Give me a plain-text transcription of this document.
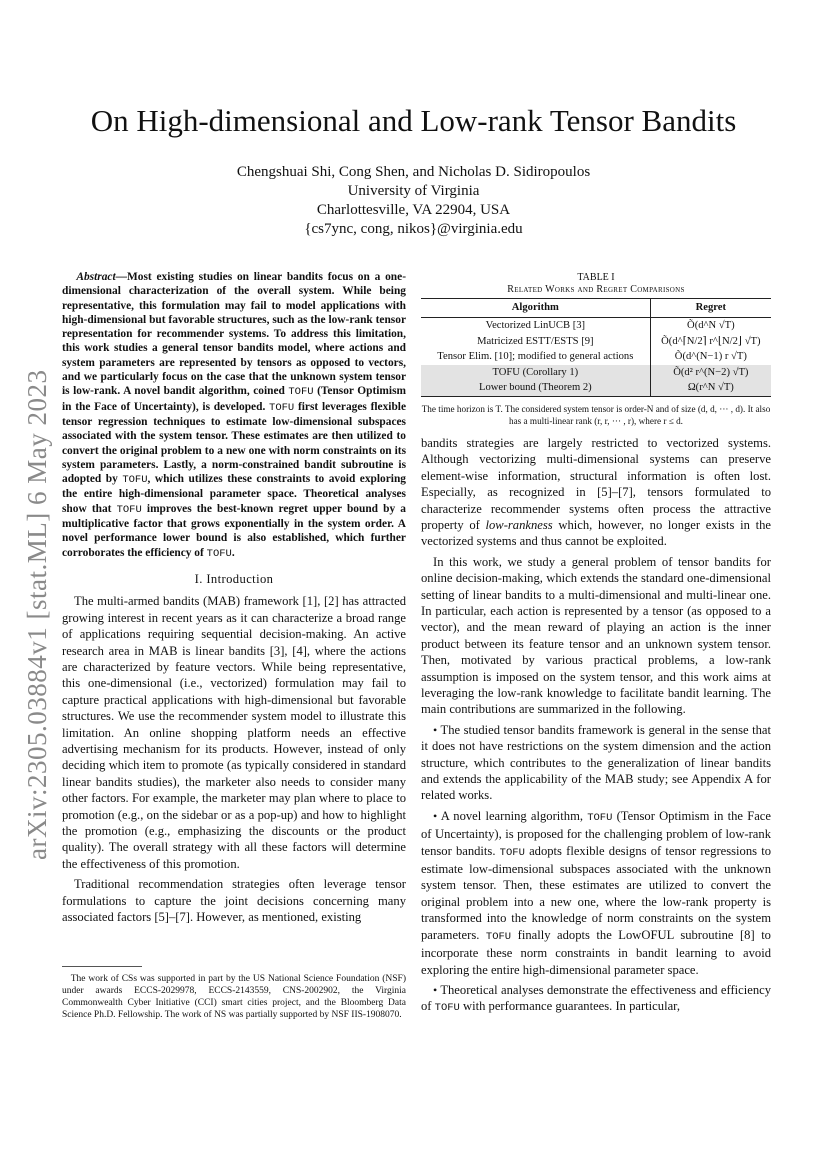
arXiv:2305.03884v1 [stat.ML] 6 May 2023
On High-dimensional and Low-rank Tensor Bandits
Chengshuai Shi, Cong Shen, and Nicholas D. Sidiropoulos
University of Virginia
Charlottesville, VA 22904, USA
{cs7ync, cong, nikos}@virginia.edu
Abstract—Most existing studies on linear bandits focus on a one-dimensional characterization of the overall system. While being representative, this formulation may fail to model applications with high-dimensional but favorable structures, such as the low-rank tensor representation for recommender systems. To address this limitation, this work studies a general tensor bandits model, where actions and system parameters are represented by tensors as opposed to vectors, and we particularly focus on the case that the unknown system tensor is low-rank. A novel bandit algorithm, coined TOFU (Tensor Optimism in the Face of Uncertainty), is developed. TOFU first leverages flexible tensor regression techniques to estimate low-dimensional subspaces associated with the system tensor. These estimates are then utilized to convert the original problem to a new one with norm constraints on its system parameters. Lastly, a norm-constrained bandit subroutine is adopted by TOFU, which utilizes these constraints to avoid exploring the entire high-dimensional parameter space. Theoretical analyses show that TOFU improves the best-known regret upper bound by a multiplicative factor that grows exponentially in the system order. A novel performance lower bound is also established, which further corroborates the efficiency of TOFU.
I. Introduction

The multi-armed bandits (MAB) framework [1], [2] has attracted growing interest in recent years as it can characterize a broad range of applications requiring sequential decision-making. An active research area in MAB is linear bandits [3], [4], where the actions are characterized by feature vectors. While being representative, this one-dimensional (i.e., vectorized) formulation may fail to capture practical applications with high-dimensional but favorable structures. We use the recommender system model to illustrate this limitation. An online shopping platform needs an effective advertising mechanism for its products. However, instead of only deciding which item to promote (as typically considered in standard linear bandits studies), the marketer also needs to consider many other factors. For example, the marketer may plan where to place to promotion (e.g., on the sidebar or as a pop-up) and how to highlight the promotion (e.g., emphasizing the discounts or the product quality). The overall strategy with all these factors will determine the effectiveness of this promotion.

Traditional recommendation strategies often leverage tensor formulations to capture the joint decisions concerning many associated factors [5]–[7]. However, as mentioned, existing

The work of CSs was supported in part by the US National Science Foundation (NSF) under awards ECCS-2029978, ECCS-2143559, CNS-2002902, the Virginia Commonwealth Cyber Initiative (CCI) smart cities project, and the Bloomberg Data Science Ph.D. Fellowship. The work of NS was partially supported by NSF IIS-1908070.
TABLE I
Related Works and Regret Comparisons
Algorithm	Regret
Vectorized LinUCB [3]	Õ(d^N √T)
Matricized ESTT/ESTS [9]	Õ(d^⌈N/2⌉ r^⌊N/2⌋ √T)
Tensor Elim. [10]; modified to general actions	Õ(d^(N−1) r √T)
TOFU (Corollary 1)	Õ(d² r^(N−2) √T)
Lower bound (Theorem 2)	Ω(r^N √T)
The time horizon is T. The considered system tensor is order-N and of size (d, d, ··· , d). It also has a multi-linear rank (r, r, ··· , r), where r ≤ d.

bandits strategies are largely restricted to vectorized systems. Although vectorizing multi-dimensional systems can preserve element-wise information, structural information is often lost. Especially, as recognized in [5]–[7], tensors formulated to characterize recommender systems often process the attractive property of low-rankness which, however, no longer exists in the vectorized systems and thus cannot be exploited.

In this work, we study a general problem of tensor bandits for online decision-making, which extends the standard one-dimensional setting of linear bandits to a multi-dimensional and multi-linear one. In particular, each action is represented by a tensor (as opposed to a vector), and the mean reward of playing an action is the inner product between its feature tensor and an unknown system tensor. Then, motivated by various practical problems, a low-rank assumption is imposed on the system tensor, and this work aims at leveraging the low-rank knowledge to facilitate bandit learning. The main contributions are summarized in the following.

• The studied tensor bandits framework is general in the sense that it does not have restrictions on the system dimension and the action structure, which contributes to the generalization of linear bandits and extends the applicability of the MAB study; see Appendix A for related works.

• A novel learning algorithm, TOFU (Tensor Optimism in the Face of Uncertainty), is proposed for the challenging problem of low-rank tensor bandits. TOFU adopts flexible designs of tensor regressions to estimate low-dimensional subspaces associated with the unknown system tensor. Then, these estimates are utilized to convert the original problem into a new one, where the low-rank property is transformed into the knowledge of norm constraints on the system parameters. TOFU finally adopts the LowOFUL subroutine [8] to incorporate these norm constraints in bandit learning to avoid exploring the entire high-dimensional parameter space.

• Theoretical analyses demonstrate the effectiveness and efficiency of TOFU with performance guarantees. In particular,
